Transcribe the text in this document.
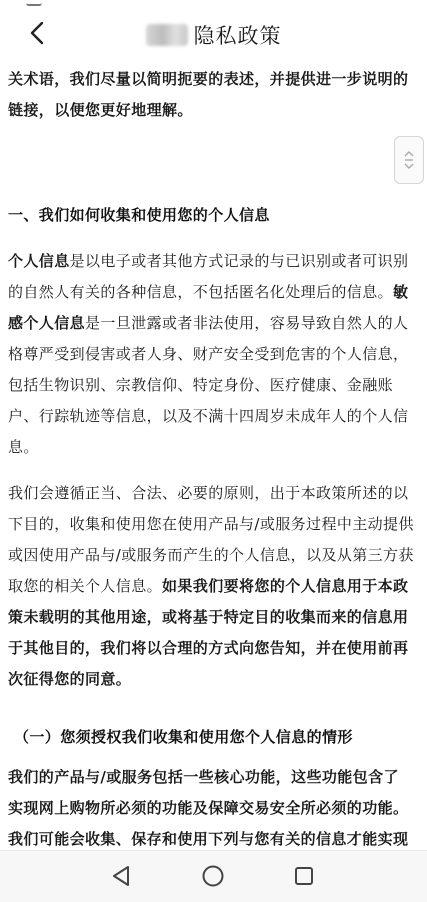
隐私政策
关术语，我们尽量以简明扼要的表述，并提供进一步说明的
链接，以便您更好地理解。
一、我们如何收集和使用您的个人信息
个人信息是以电子或者其他方式记录的与已识别或者可识别的自然人有关的各种信息，不包括匿名化处理后的信息。敏感个人信息是一旦泄露或者非法使用，容易导致自然人的人格尊严受到侵害或者人身、财产安全受到危害的个人信息，包括生物识别、宗教信仰、特定身份、医疗健康、金融账户、行踪轨迹等信息，以及不满十四周岁未成年人的个人信息。
我们会遵循正当、合法、必要的原则，出于本政策所述的以下目的，收集和使用您在使用产品与/或服务过程中主动提供或因使用产品与/或服务而产生的个人信息，以及从第三方获取您的相关个人信息。如果我们要将您的个人信息用于本政策未载明的其他用途，或将基于特定目的收集而来的信息用于其他目的，我们将以合理的方式向您告知，并在使用前再次征得您的同意。
（一）您须授权我们收集和使用您个人信息的情形
我们的产品与/或服务包括一些核心功能，这些功能包含了实现网上购物所必须的功能及保障交易安全所必须的功能。我们可能会收集、保存和使用下列与您有关的信息才能实现
